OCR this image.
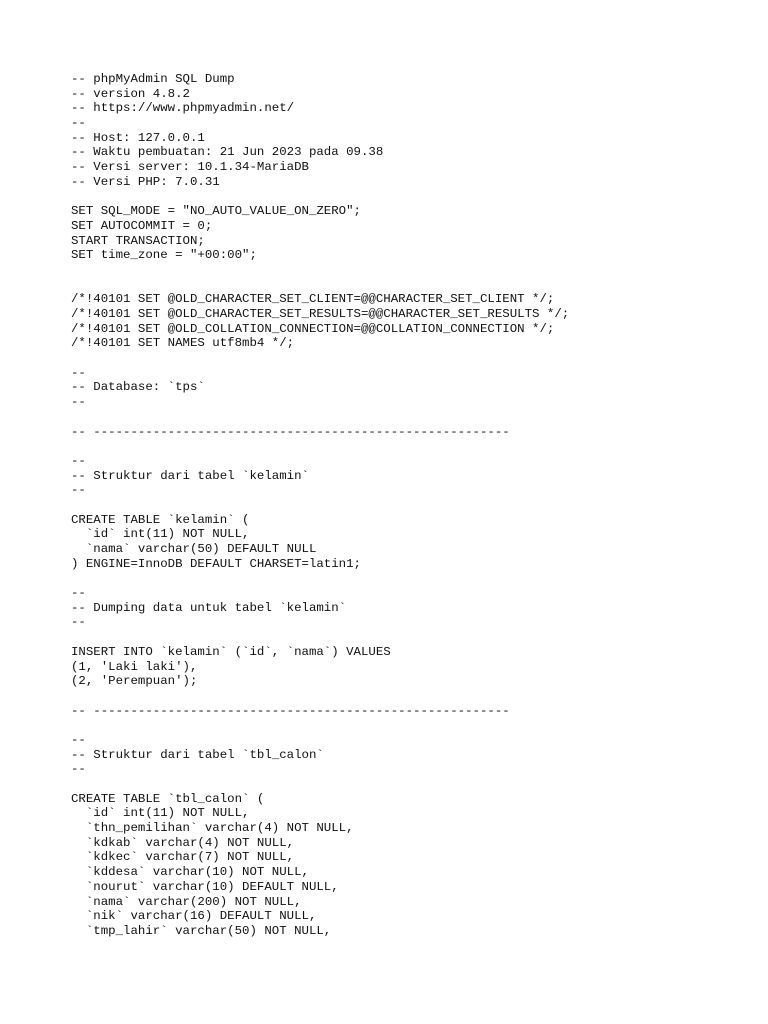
-- phpMyAdmin SQL Dump
-- version 4.8.2
-- https://www.phpmyadmin.net/
--
-- Host: 127.0.0.1
-- Waktu pembuatan: 21 Jun 2023 pada 09.38
-- Versi server: 10.1.34-MariaDB
-- Versi PHP: 7.0.31
SET SQL_MODE = "NO_AUTO_VALUE_ON_ZERO";
SET AUTOCOMMIT = 0;
START TRANSACTION;
SET time_zone = "+00:00";
/*!40101 SET @OLD_CHARACTER_SET_CLIENT=@@CHARACTER_SET_CLIENT */;
/*!40101 SET @OLD_CHARACTER_SET_RESULTS=@@CHARACTER_SET_RESULTS */;
/*!40101 SET @OLD_COLLATION_CONNECTION=@@COLLATION_CONNECTION */;
/*!40101 SET NAMES utf8mb4 */;
--
-- Database: `tps`
--
-- --------------------------------------------------------
--
-- Struktur dari tabel `kelamin`
--
CREATE TABLE `kelamin` (
`id` int(11) NOT NULL,
`nama` varchar(50) DEFAULT NULL
) ENGINE=InnoDB DEFAULT CHARSET=latin1;
--
-- Dumping data untuk tabel `kelamin`
--
INSERT INTO `kelamin` (`id`, `nama`) VALUES
(1, 'Laki laki'),
(2, 'Perempuan');
-- --------------------------------------------------------
--
-- Struktur dari tabel `tbl_calon`
--
CREATE TABLE `tbl_calon` (
`id` int(11) NOT NULL,
`thn_pemilihan` varchar(4) NOT NULL,
`kdkab` varchar(4) NOT NULL,
`kdkec` varchar(7) NOT NULL,
`kddesa` varchar(10) NOT NULL,
`nourut` varchar(10) DEFAULT NULL,
`nama` varchar(200) NOT NULL,
`nik` varchar(16) DEFAULT NULL,
`tmp_lahir` varchar(50) NOT NULL,
